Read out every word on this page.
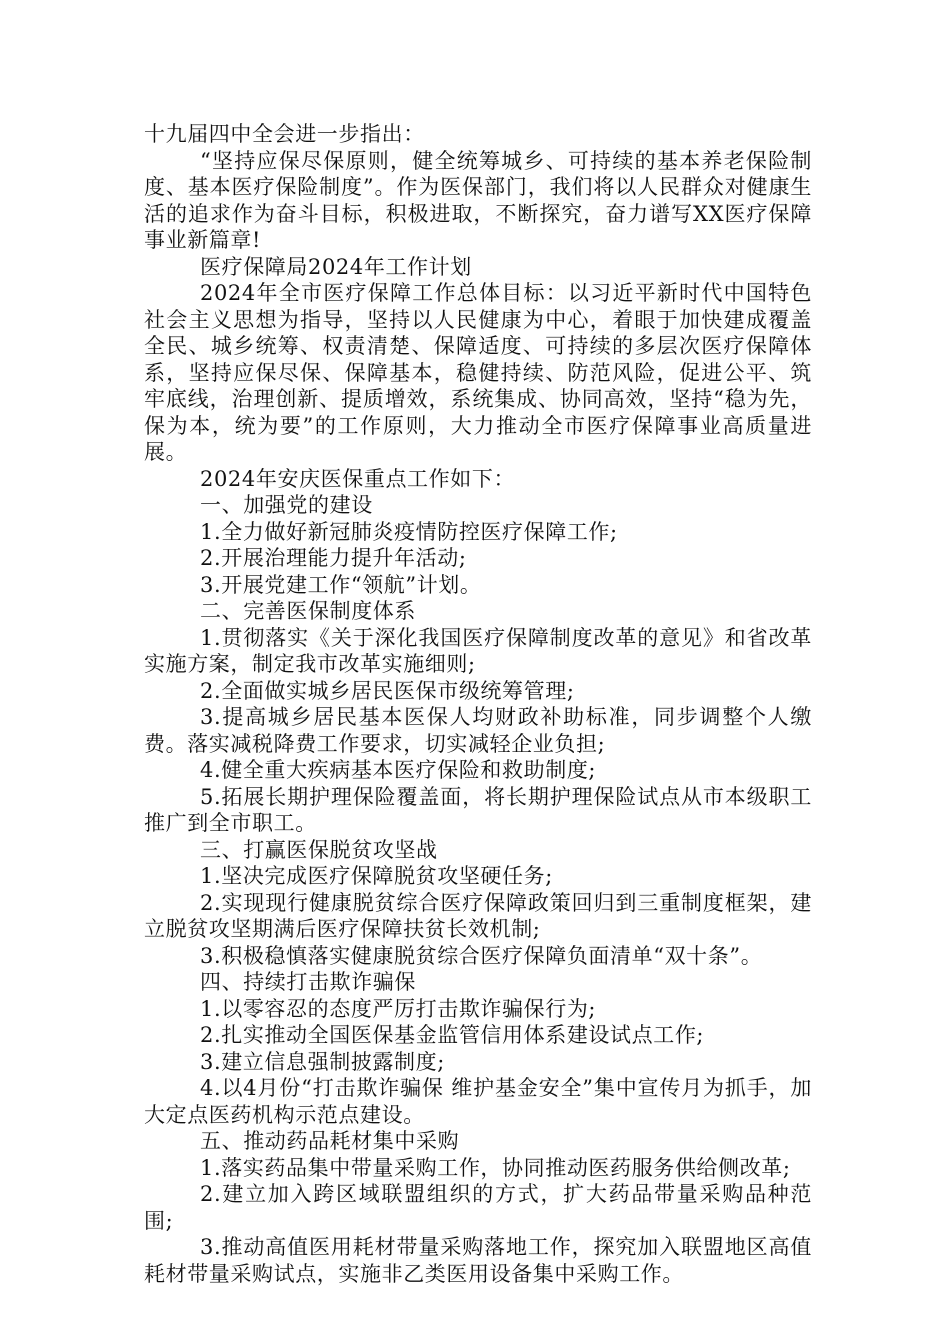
十九届四中全会进一步指出：

“坚持应保尽保原则，健全统筹城乡、可持续的基本养老保险制度、基本医疗保险制度”。作为医保部门，我们将以人民群众对健康生活的追求作为奋斗目标，积极进取，不断探究，奋力谱写XX医疗保障事业新篇章!

医疗保障局2024年工作计划

2024年全市医疗保障工作总体目标：以习近平新时代中国特色社会主义思想为指导，坚持以人民健康为中心，着眼于加快建成覆盖全民、城乡统筹、权责清楚、保障适度、可持续的多层次医疗保障体系，坚持应保尽保、保障基本，稳健持续、防范风险，促进公平、筑牢底线，治理创新、提质增效，系统集成、协同高效，坚持“稳为先，保为本，统为要”的工作原则，大力推动全市医疗保障事业高质量进展。

2024年安庆医保重点工作如下：

一、加强党的建设

1.全力做好新冠肺炎疫情防控医疗保障工作;

2.开展治理能力提升年活动;

3.开展党建工作“领航”计划。

二、完善医保制度体系

1.贯彻落实《关于深化我国医疗保障制度改革的意见》和省改革实施方案，制定我市改革实施细则;

2.全面做实城乡居民医保市级统筹管理;

3.提高城乡居民基本医保人均财政补助标准，同步调整个人缴费。落实减税降费工作要求，切实减轻企业负担;

4.健全重大疾病基本医疗保险和救助制度;

5.拓展长期护理保险覆盖面，将长期护理保险试点从市本级职工推广到全市职工。

三、打赢医保脱贫攻坚战

1.坚决完成医疗保障脱贫攻坚硬任务;

2.实现现行健康脱贫综合医疗保障政策回归到三重制度框架，建立脱贫攻坚期满后医疗保障扶贫长效机制;

3.积极稳慎落实健康脱贫综合医疗保障负面清单“双十条”。

四、持续打击欺诈骗保

1.以零容忍的态度严厉打击欺诈骗保行为;

2.扎实推动全国医保基金监管信用体系建设试点工作;

3.建立信息强制披露制度;

4.以4月份“打击欺诈骗保 维护基金安全”集中宣传月为抓手，加大定点医药机构示范点建设。

五、推动药品耗材集中采购

1.落实药品集中带量采购工作，协同推动医药服务供给侧改革;

2.建立加入跨区域联盟组织的方式，扩大药品带量采购品种范围;

3.推动高值医用耗材带量采购落地工作，探究加入联盟地区高值耗材带量采购试点，实施非乙类医用设备集中采购工作。
